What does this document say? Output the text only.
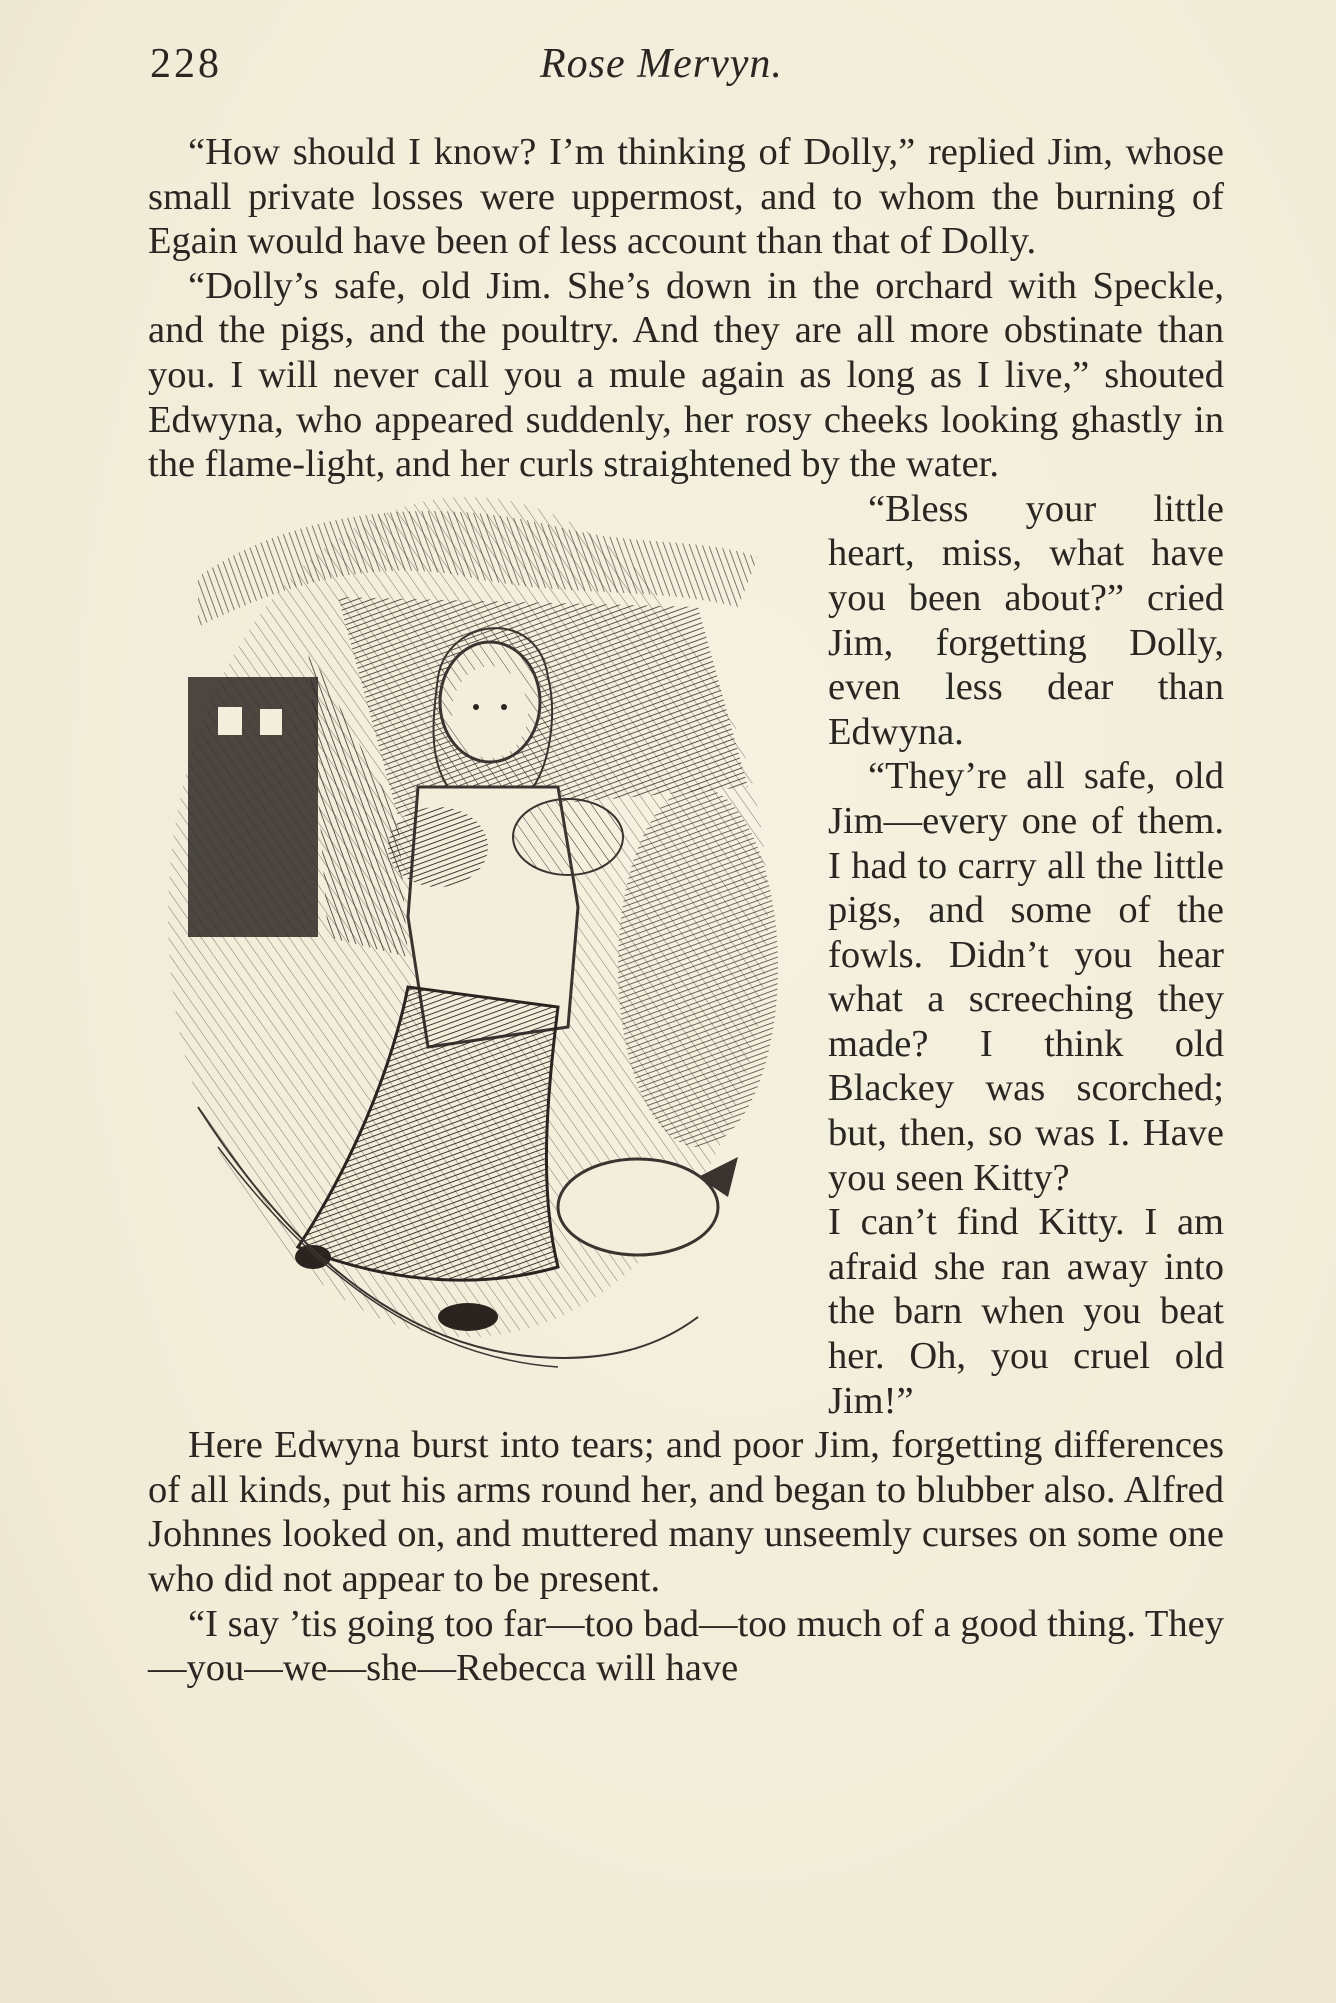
228	Rose Mervyn.

“How should I know? I’m thinking of Dolly,” replied Jim, whose small private losses were uppermost, and to whom the burning of Egain would have been of less account than that of Dolly.

“Dolly’s safe, old Jim. She’s down in the orchard with Speckle, and the pigs, and the poultry. And they are all more obstinate than you. I will never call you a mule again as long as I live,” shouted Edwyna, who appeared suddenly, her rosy cheeks looking ghastly in the flame-light, and her curls straightened by the water.

“Bless your little heart, miss, what have you been about?” cried Jim, forgetting Dolly, even less dear than Edwyna.

“They’re all safe, old Jim—every one of them. I had to carry all the little pigs, and some of the fowls. Didn’t you hear what a screeching they made? I think old Blackey was scorched; but, then, so was I. Have you seen Kitty?

I can’t find Kitty. I am afraid she ran away into the barn when you beat her. Oh, you cruel old Jim!”

Here Edwyna burst into tears; and poor Jim, forgetting differences of all kinds, put his arms round her, and began to blubber also. Alfred Johnnes looked on, and muttered many unseemly curses on some one who did not appear to be present.

“I say ’tis going too far—too bad—too much of a good thing. They—you—we—she—Rebecca will have
